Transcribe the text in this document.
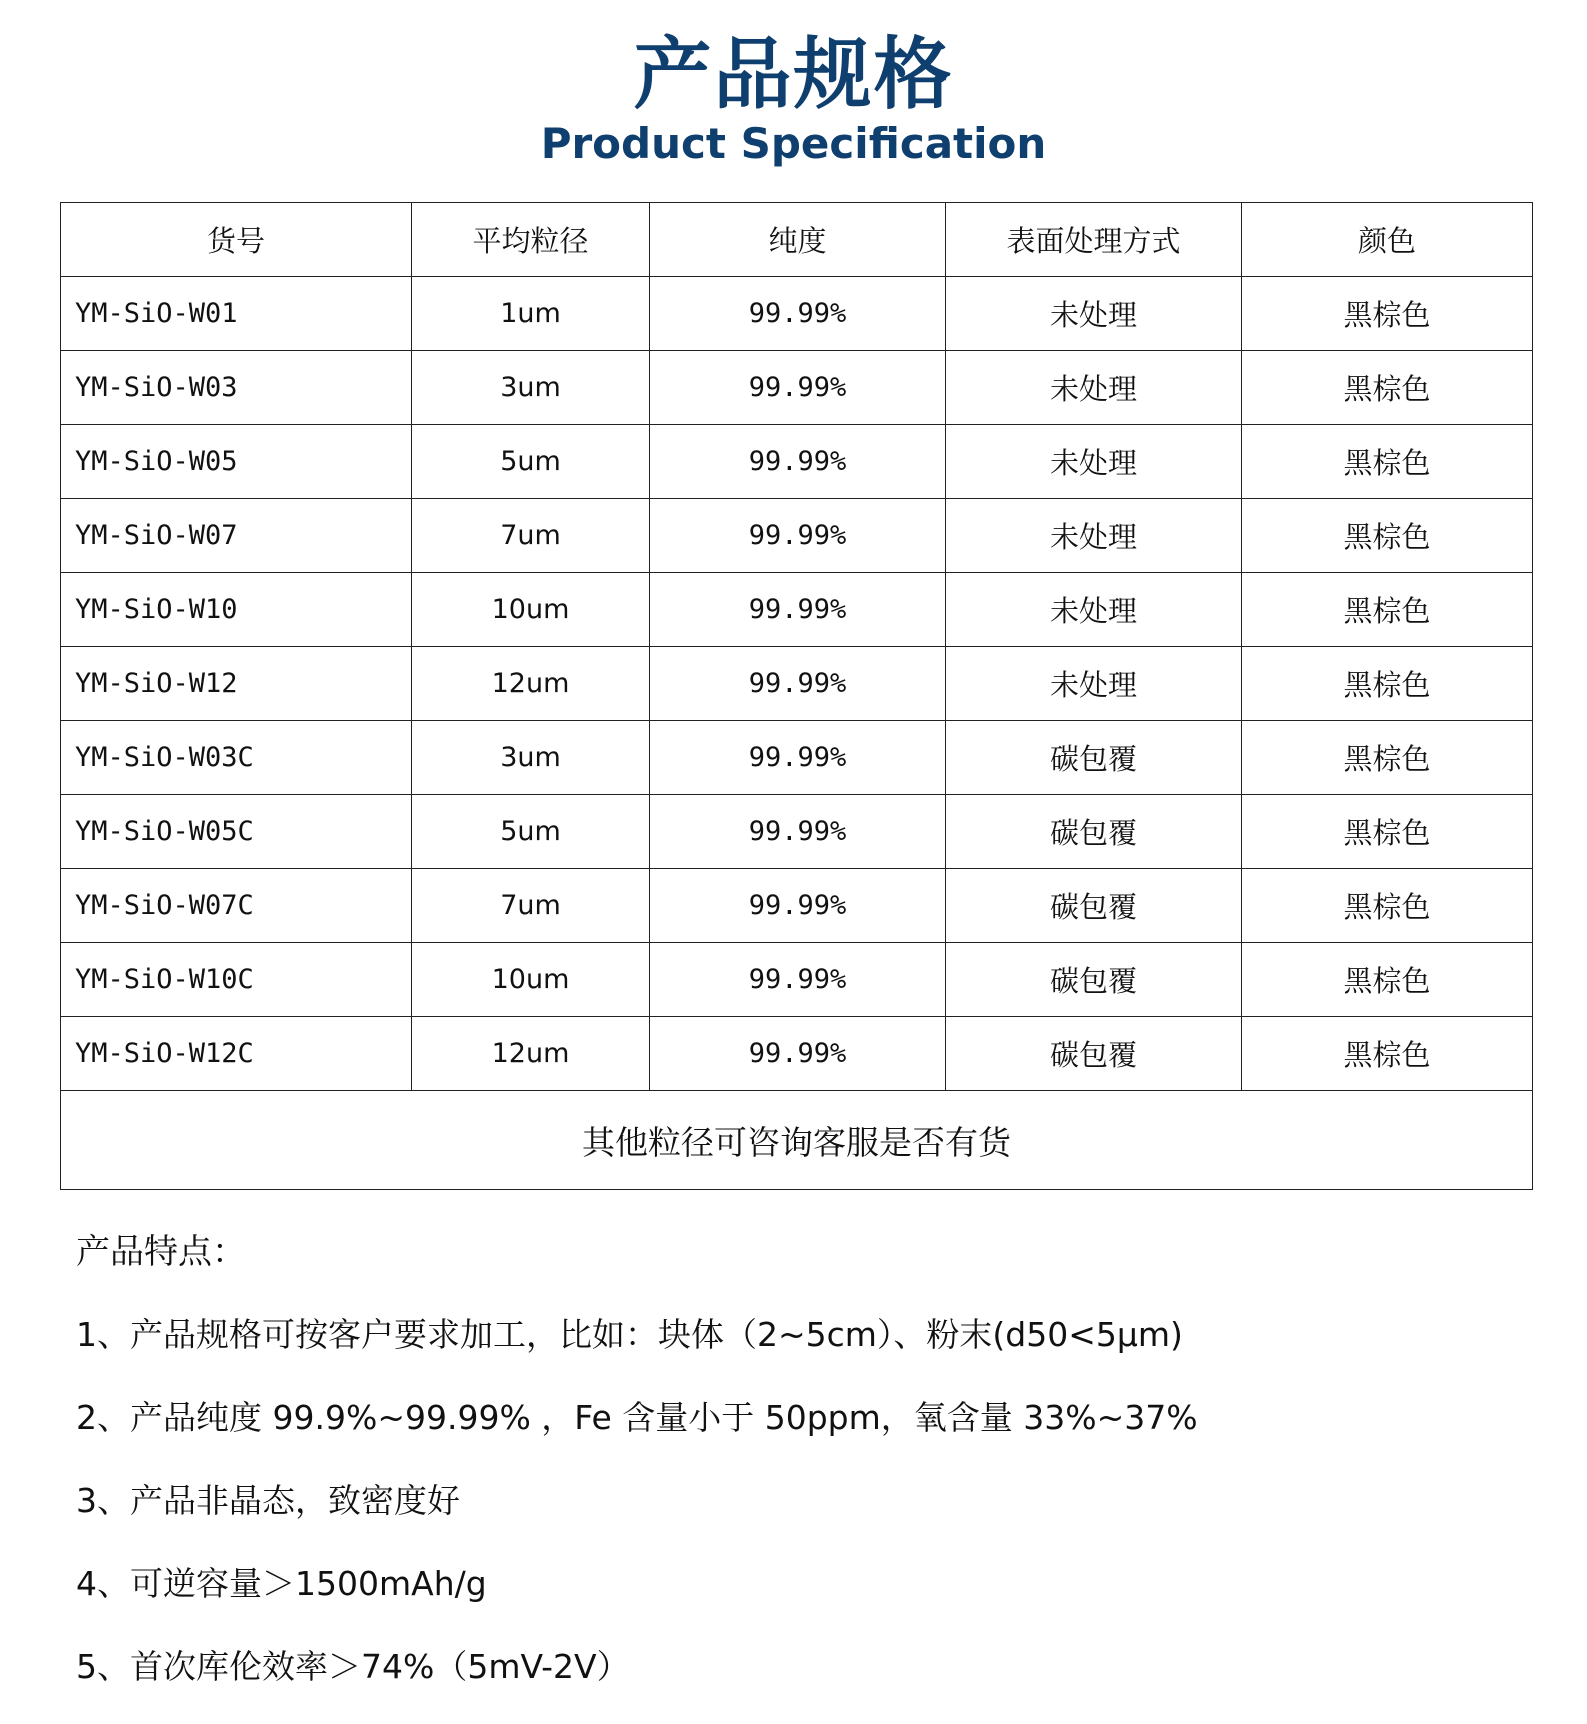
产品规格
Product Specification
货号	平均粒径	纯度	表面处理方式	颜色
YM-SiO-W01	1um	99.99%	未处理	黑棕色
YM-SiO-W03	3um	99.99%	未处理	黑棕色
YM-SiO-W05	5um	99.99%	未处理	黑棕色
YM-SiO-W07	7um	99.99%	未处理	黑棕色
YM-SiO-W10	10um	99.99%	未处理	黑棕色
YM-SiO-W12	12um	99.99%	未处理	黑棕色
YM-SiO-W03C	3um	99.99%	碳包覆	黑棕色
YM-SiO-W05C	5um	99.99%	碳包覆	黑棕色
YM-SiO-W07C	7um	99.99%	碳包覆	黑棕色
YM-SiO-W10C	10um	99.99%	碳包覆	黑棕色
YM-SiO-W12C	12um	99.99%	碳包覆	黑棕色
其他粒径可咨询客服是否有货				
产品特点：
1、产品规格可按客户要求加工，比如：块体（2~5cm）、粉末(d50<5μm)
2、产品纯度 99.9%~99.99% ，Fe 含量小于 50ppm，氧含量 33%~37%
3、产品非晶态，致密度好
4、可逆容量＞1500mAh/g
5、首次库伦效率＞74%（5mV-2V）
